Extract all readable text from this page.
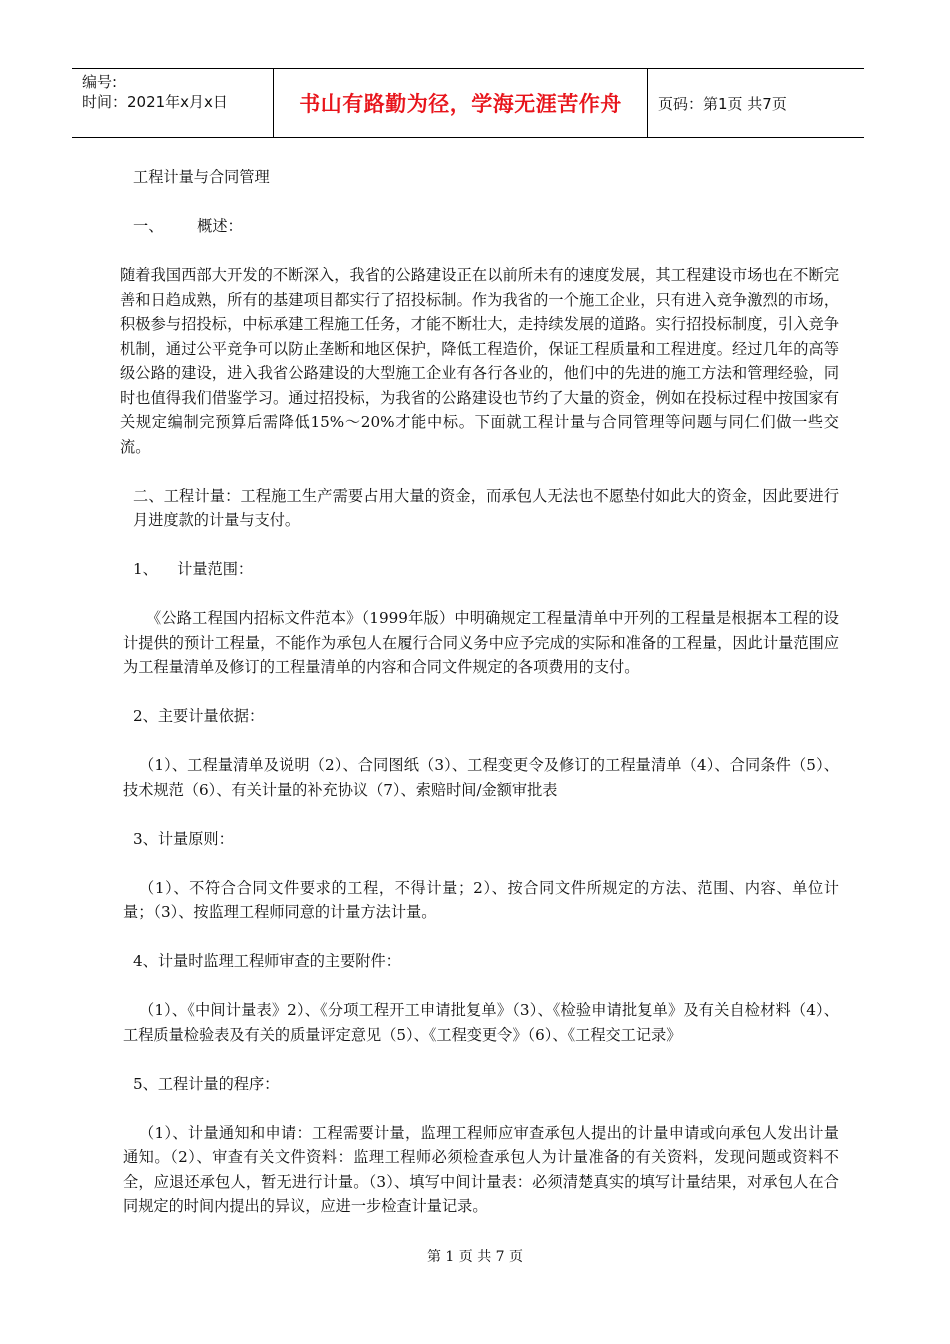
编号:
时间：2021年x月x日	书山有路勤为径，学海无涯苦作舟 页码：第1页 共7页

工程计量与合同管理

一、       概述：

随着我国西部大开发的不断深入，我省的公路建设正在以前所未有的速度发展，其工程建设市场也在不断完善和日趋成熟，所有的基建项目都实行了招投标制。作为我省的一个施工企业，只有进入竞争激烈的市场，积极参与招投标，中标承建工程施工任务，才能不断壮大，走持续发展的道路。实行招投标制度，引入竞争机制，通过公平竞争可以防止垄断和地区保护，降低工程造价，保证工程质量和工程进度。经过几年的高等级公路的建设，进入我省公路建设的大型施工企业有各行各业的，他们中的先进的施工方法和管理经验，同时也值得我们借鉴学习。通过招投标，为我省的公路建设也节约了大量的资金，例如在投标过程中按国家有关规定编制完预算后需降低15%～20%才能中标。下面就工程计量与合同管理等问题与同仁们做一些交流。

二、工程计量：工程施工生产需要占用大量的资金，而承包人无法也不愿垫付如此大的资金，因此要进行月进度款的计量与支付。

1、    计量范围：

《公路工程国内招标文件范本》（1999年版）中明确规定工程量清单中开列的工程量是根据本工程的设计提供的预计工程量，不能作为承包人在履行合同义务中应予完成的实际和准备的工程量，因此计量范围应为工程量清单及修订的工程量清单的内容和合同文件规定的各项费用的支付。

2、主要计量依据：

（1）、工程量清单及说明（2）、合同图纸（3）、工程变更令及修订的工程量清单（4）、合同条件（5）、技术规范（6）、有关计量的补充协议（7）、索赔时间/金额审批表

3、计量原则：

（1）、不符合合同文件要求的工程，不得计量；2）、按合同文件所规定的方法、范围、内容、单位计量；（3）、按监理工程师同意的计量方法计量。

4、计量时监理工程师审查的主要附件：

（1）、《中间计量表》2）、《分项工程开工申请批复单》（3）、《检验申请批复单》及有关自检材料（4）、工程质量检验表及有关的质量评定意见（5）、《工程变更令》（6）、《工程交工记录》

5、工程计量的程序：

（1）、计量通知和申请：工程需要计量，监理工程师应审查承包人提出的计量申请或向承包人发出计量通知。（2）、审查有关文件资料：监理工程师必须检查承包人为计量准备的有关资料，发现问题或资料不全，应退还承包人，暂无进行计量。（3）、填写中间计量表：必须清楚真实的填写计量结果，对承包人在合同规定的时间内提出的异议，应进一步检查计量记录。

第 1 页 共 7 页
